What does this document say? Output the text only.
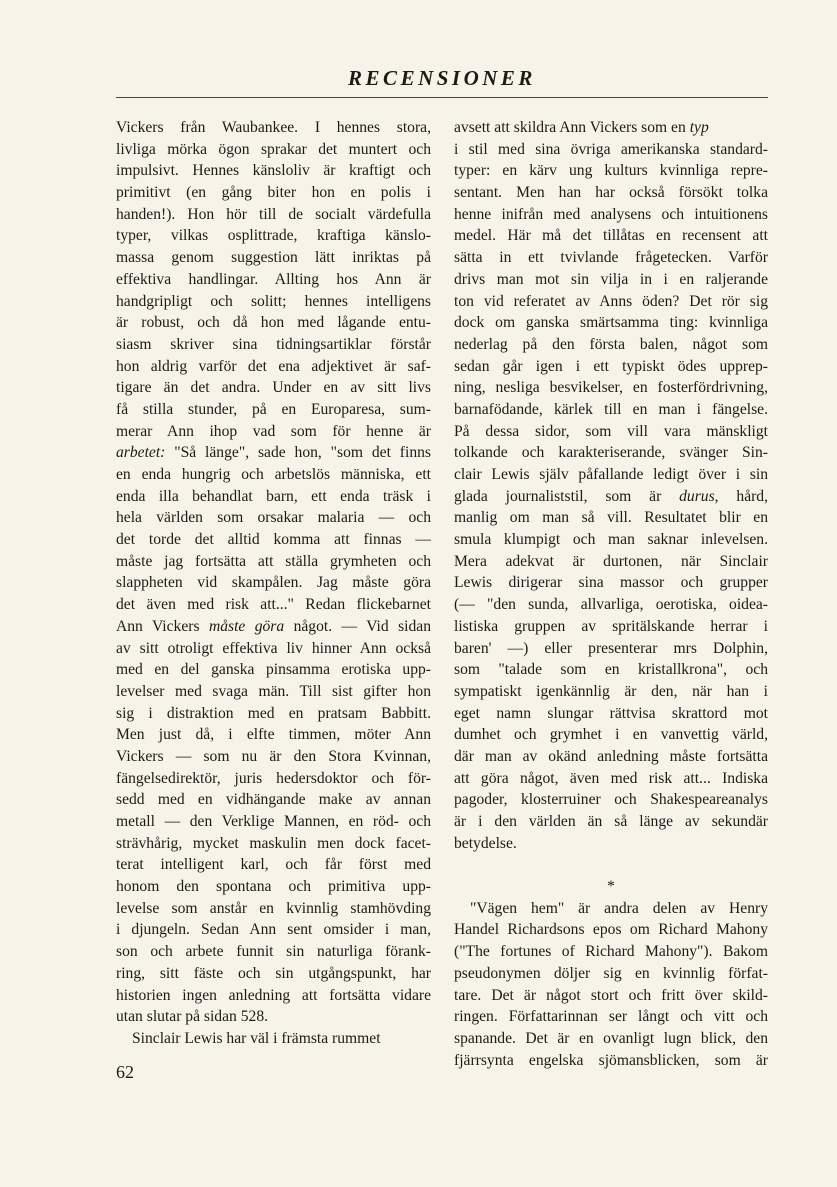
RECENSIONER
Vickers från Waubankee. I hennes stora,
livliga mörka ögon sprakar det muntert och
impulsivt. Hennes känsloliv är kraftigt och
primitivt (en gång biter hon en polis i
handen!). Hon hör till de socialt värdefulla
typer, vilkas osplittrade, kraftiga känslo-
massa genom suggestion lätt inriktas på
effektiva handlingar. Allting hos Ann är
handgripligt och solitt; hennes intelligens
är robust, och då hon med lågande entu-
siasm skriver sina tidningsartiklar förstår
hon aldrig varför det ena adjektivet är saf-
tigare än det andra. Under en av sitt livs
få stilla stunder, på en Europaresa, sum-
merar Ann ihop vad som för henne är
arbetet: "Så länge", sade hon, "som det finns
en enda hungrig och arbetslös människa, ett
enda illa behandlat barn, ett enda träsk i
hela världen som orsakar malaria — och
det torde det alltid komma att finnas —
måste jag fortsätta att ställa grymheten och
slappheten vid skampålen. Jag måste göra
det även med risk att..." Redan flickebarnet
Ann Vickers måste göra något. — Vid sidan
av sitt otroligt effektiva liv hinner Ann också
med en del ganska pinsamma erotiska upp-
levelser med svaga män. Till sist gifter hon
sig i distraktion med en pratsam Babbitt.
Men just då, i elfte timmen, möter Ann
Vickers — som nu är den Stora Kvinnan,
fängelsedirektör, juris hedersdoktor och för-
sedd med en vidhängande make av annan
metall — den Verklige Mannen, en röd- och
strävhårig, mycket maskulin men dock facet-
terat intelligent karl, och får först med
honom den spontana och primitiva upp-
levelse som anstår en kvinnlig stamhövding
i djungeln. Sedan Ann sent omsider i man,
son och arbete funnit sin naturliga förank-
ring, sitt fäste och sin utgångspunkt, har
historien ingen anledning att fortsätta vidare
utan slutar på sidan 528.
Sinclair Lewis har väl i främsta rummet
avsett att skildra Ann Vickers som en typ
i stil med sina övriga amerikanska standard-
typer: en kärv ung kulturs kvinnliga repre-
sentant. Men han har också försökt tolka
henne inifrån med analysens och intuitionens
medel. Här må det tillåtas en recensent att
sätta in ett tvivlande frågetecken. Varför
drivs man mot sin vilja in i en raljerande
ton vid referatet av Anns öden? Det rör sig
dock om ganska smärtsamma ting: kvinnliga
nederlag på den första balen, något som
sedan går igen i ett typiskt ödes upprep-
ning, nesliga besvikelser, en fosterfördrivning,
barnafödande, kärlek till en man i fängelse.
På dessa sidor, som vill vara mänskligt
tolkande och karakteriserande, svänger Sin-
clair Lewis själv påfallande ledigt över i sin
glada journaliststil, som är durus, hård,
manlig om man så vill. Resultatet blir en
smula klumpigt och man saknar inlevelsen.
Mera adekvat är durtonen, när Sinclair
Lewis dirigerar sina massor och grupper
(— "den sunda, allvarliga, oerotiska, oidea-
listiska gruppen av spritälskande herrar i
baren' —) eller presenterar mrs Dolphin,
som "talade som en kristallkrona", och
sympatiskt igenkännlig är den, när han i
eget namn slungar rättvisa skrattord mot
dumhet och grymhet i en vanvettig värld,
där man av okänd anledning måste fortsätta
att göra något, även med risk att... Indiska
pagoder, klosterruiner och Shakespeareanalys
är i den världen än så länge av sekundär
betydelse.
*
"Vägen hem" är andra delen av Henry
Handel Richardsons epos om Richard Mahony
("The fortunes of Richard Mahony"). Bakom
pseudonymen döljer sig en kvinnlig förfat-
tare. Det är något stort och fritt över skild-
ringen. Författarinnan ser långt och vitt och
spanande. Det är en ovanligt lugn blick, den
fjärrsynta engelska sjömansblicken, som är
62
